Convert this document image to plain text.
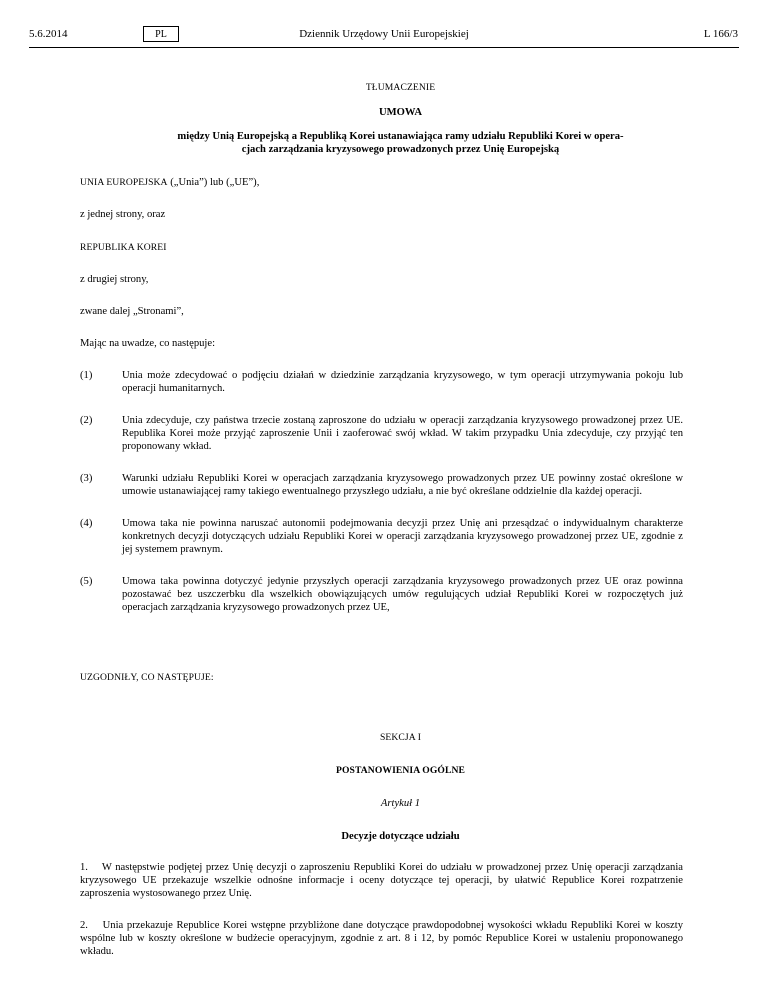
5.6.2014	PL	Dziennik Urzędowy Unii Europejskiej	L 166/3

TŁUMACZENIE

UMOWA

między Unią Europejską a Republiką Korei ustanawiająca ramy udziału Republiki Korei w opera-
cjach zarządzania kryzysowego prowadzonych przez Unię Europejską

UNIA EUROPEJSKA („Unia”) lub („UE”),

z jednej strony, oraz

REPUBLIKA KOREI

z drugiej strony,

zwane dalej „Stronami”,

Mając na uwadze, co następuje:

(1)	Unia może zdecydować o podjęciu działań w dziedzinie zarządzania kryzysowego, w tym operacji utrzymywania pokoju lub operacji humanitarnych.
(2)	Unia zdecyduje, czy państwa trzecie zostaną zaproszone do udziału w operacji zarządzania kryzysowego prowadzonej przez UE. Republika Korei może przyjąć zaproszenie Unii i zaoferować swój wkład. W takim przypadku Unia zdecyduje, czy przyjąć ten proponowany wkład.
(3)	Warunki udziału Republiki Korei w operacjach zarządzania kryzysowego prowadzonych przez UE powinny zostać określone w umowie ustanawiającej ramy takiego ewentualnego przyszłego udziału, a nie być określane oddzielnie dla każdej operacji.
(4)	Umowa taka nie powinna naruszać autonomii podejmowania decyzji przez Unię ani przesądzać o indywidualnym charakterze konkretnych decyzji dotyczących udziału Republiki Korei w operacji zarządzania kryzysowego prowadzonej przez UE, zgodnie z jej systemem prawnym.
(5)	Umowa taka powinna dotyczyć jedynie przyszłych operacji zarządzania kryzysowego prowadzonych przez UE oraz powinna pozostawać bez uszczerbku dla wszelkich obowiązujących umów regulujących udział Republiki Korei w rozpoczętych już operacjach zarządzania kryzysowego prowadzonych przez UE,

UZGODNIŁY, CO NASTĘPUJE:

SEKCJA I

POSTANOWIENIA OGÓLNE

Artykuł 1

Decyzje dotyczące udziału

1.    W następstwie podjętej przez Unię decyzji o zaproszeniu Republiki Korei do udziału w prowadzonej przez Unię operacji zarządzania kryzysowego UE przekazuje wszelkie odnośne informacje i oceny dotyczące tej operacji, by ułatwić Republice Korei rozpatrzenie zaproszenia wystosowanego przez Unię.

2.    Unia przekazuje Republice Korei wstępne przybliżone dane dotyczące prawdopodobnej wysokości wkładu Republiki Korei w koszty wspólne lub w koszty określone w budżecie operacyjnym, zgodnie z art. 8 i 12, by pomóc Republice Korei w ustaleniu proponowanego wkładu.
